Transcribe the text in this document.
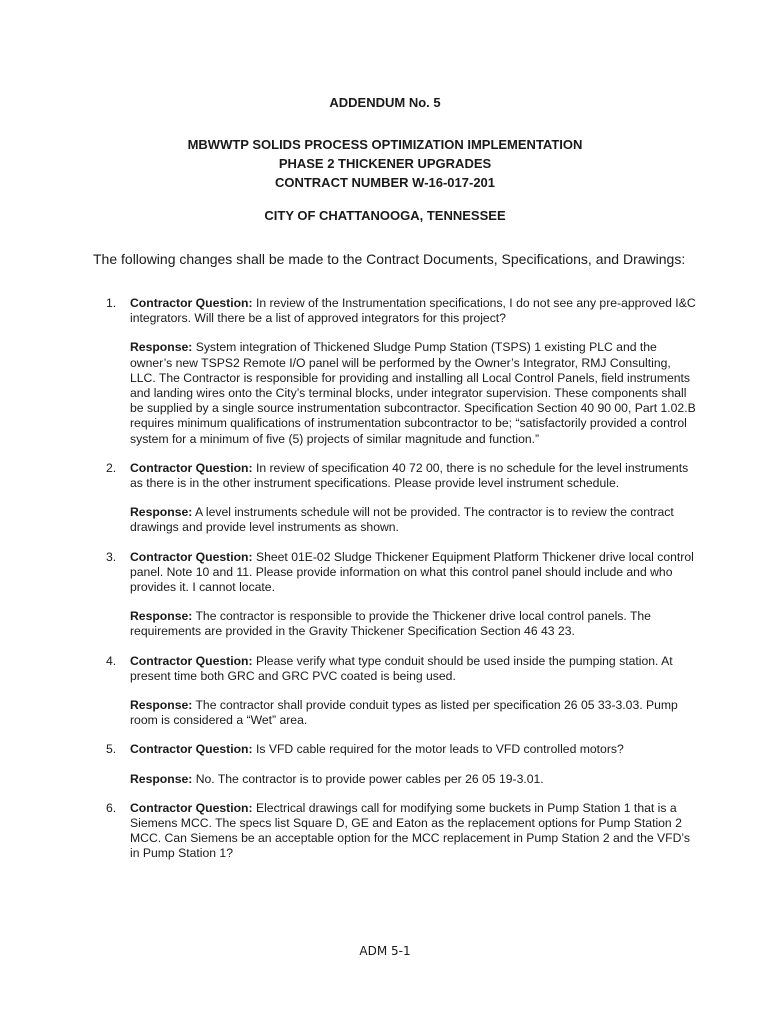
ADDENDUM No. 5
MBWWTP SOLIDS PROCESS OPTIMIZATION IMPLEMENTATION
PHASE 2 THICKENER UPGRADES
CONTRACT NUMBER W-16-017-201
CITY OF CHATTANOOGA, TENNESSEE
The following changes shall be made to the Contract Documents, Specifications, and Drawings:
1. Contractor Question: In review of the Instrumentation specifications, I do not see any pre-approved I&C integrators. Will there be a list of approved integrators for this project?

Response: System integration of Thickened Sludge Pump Station (TSPS) 1 existing PLC and the owner’s new TSPS2 Remote I/O panel will be performed by the Owner’s Integrator, RMJ Consulting, LLC. The Contractor is responsible for providing and installing all Local Control Panels, field instruments and landing wires onto the City’s terminal blocks, under integrator supervision. These components shall be supplied by a single source instrumentation subcontractor. Specification Section 40 90 00, Part 1.02.B requires minimum qualifications of instrumentation subcontractor to be; “satisfactorily provided a control system for a minimum of five (5) projects of similar magnitude and function.”

2. Contractor Question: In review of specification 40 72 00, there is no schedule for the level instruments as there is in the other instrument specifications. Please provide level instrument schedule.

Response: A level instruments schedule will not be provided. The contractor is to review the contract drawings and provide level instruments as shown.

3. Contractor Question: Sheet 01E-02 Sludge Thickener Equipment Platform Thickener drive local control panel. Note 10 and 11. Please provide information on what this control panel should include and who provides it. I cannot locate.

Response: The contractor is responsible to provide the Thickener drive local control panels. The requirements are provided in the Gravity Thickener Specification Section 46 43 23.

4. Contractor Question: Please verify what type conduit should be used inside the pumping station. At present time both GRC and GRC PVC coated is being used.

Response: The contractor shall provide conduit types as listed per specification 26 05 33-3.03. Pump room is considered a “Wet” area.

5. Contractor Question: Is VFD cable required for the motor leads to VFD controlled motors?

Response: No. The contractor is to provide power cables per 26 05 19-3.01.

6. Contractor Question: Electrical drawings call for modifying some buckets in Pump Station 1 that is a Siemens MCC. The specs list Square D, GE and Eaton as the replacement options for Pump Station 2 MCC. Can Siemens be an acceptable option for the MCC replacement in Pump Station 2 and the VFD’s in Pump Station 1?

ADM 5-1
